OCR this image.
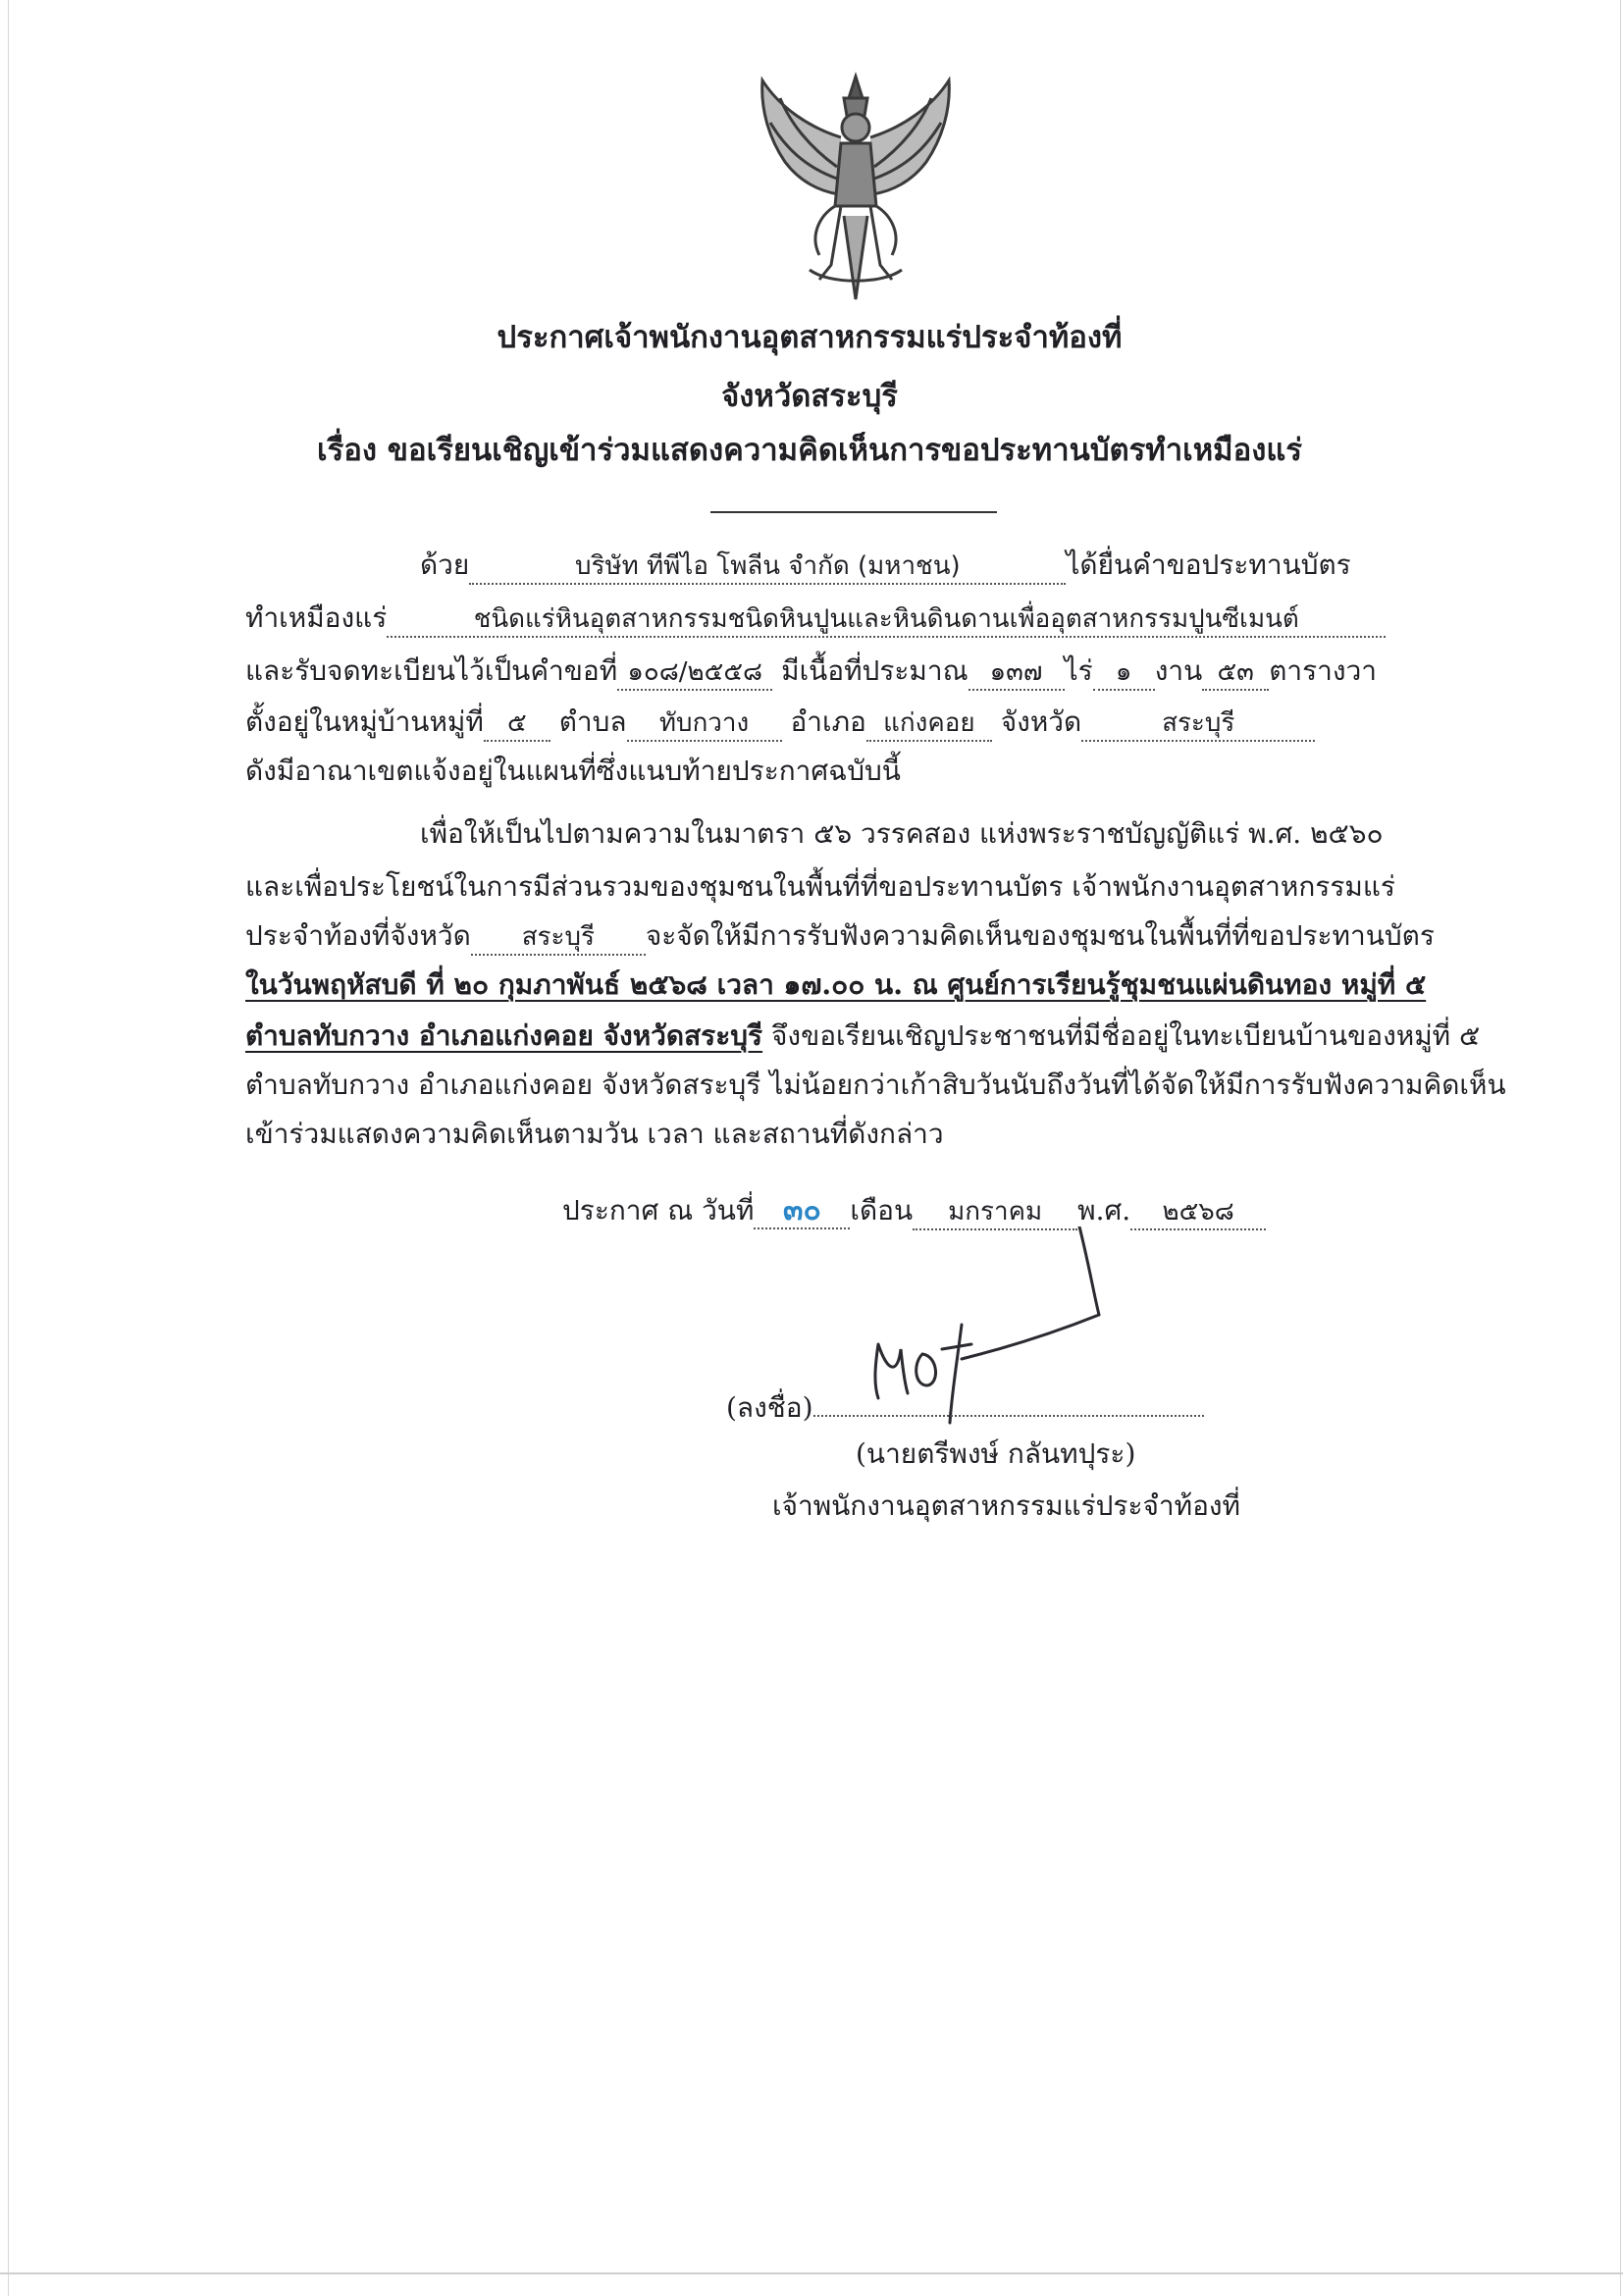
ประกาศเจ้าพนักงานอุตสาหกรรมแร่ประจำท้องที่
จังหวัดสระบุรี
เรื่อง ขอเรียนเชิญเข้าร่วมแสดงความคิดเห็นการขอประทานบัตรทำเหมืองแร่
ด้วย	บริษัท ทีพีไอ โพลีน จำกัด (มหาชน)	ได้ยื่นคำขอประทานบัตร
ทำเหมืองแร่	ชนิดแร่หินอุตสาหกรรมชนิดหินปูนและหินดินดานเพื่ออุตสาหกรรมปูนซีเมนต์
และรับจดทะเบียนไว้เป็นคำขอที่ ๑๐๘/๒๕๕๘ มีเนื้อที่ประมาณ ๑๓๗ ไร่ ๑ งาน ๕๓ ตารางวา
ตั้งอยู่ในหมู่บ้านหมู่ที่ ๕ ตำบล ทับกวาง อำเภอ แก่งคอย จังหวัด	สระบุรี
ดังมีอาณาเขตแจ้งอยู่ในแผนที่ซึ่งแนบท้ายประกาศฉบับนี้
เพื่อให้เป็นไปตามความในมาตรา ๕๖ วรรคสอง แห่งพระราชบัญญัติแร่ พ.ศ. ๒๕๖๐
และเพื่อประโยชน์ในการมีส่วนรวมของชุมชนในพื้นที่ที่ขอประทานบัตร เจ้าพนักงานอุตสาหกรรมแร่
ประจำท้องที่จังหวัด สระบุรี จะจัดให้มีการรับฟังความคิดเห็นของชุมชนในพื้นที่ที่ขอประทานบัตร
ในวันพฤหัสบดี ที่ ๒๐ กุมภาพันธ์ ๒๕๖๘ เวลา ๑๗.๐๐ น. ณ ศูนย์การเรียนรู้ชุมชนแผ่นดินทอง หมู่ที่ ๕
ตำบลทับกวาง อำเภอแก่งคอย จังหวัดสระบุรี จึงขอเรียนเชิญประชาชนที่มีชื่ออยู่ในทะเบียนบ้านของหมู่ที่ ๕
ตำบลทับกวาง อำเภอแก่งคอย จังหวัดสระบุรี ไม่น้อยกว่าเก้าสิบวันนับถึงวันที่ได้จัดให้มีการรับฟังความคิดเห็น
เข้าร่วมแสดงความคิดเห็นตามวัน เวลา และสถานที่ดังกล่าว
ประกาศ ณ วันที่ ๓๐ เดือน มกราคม พ.ศ. ๒๕๖๘
(ลงชื่อ)
(นายตรีพงษ์ กลันทปุระ)
เจ้าพนักงานอุตสาหกรรมแร่ประจำท้องที่
